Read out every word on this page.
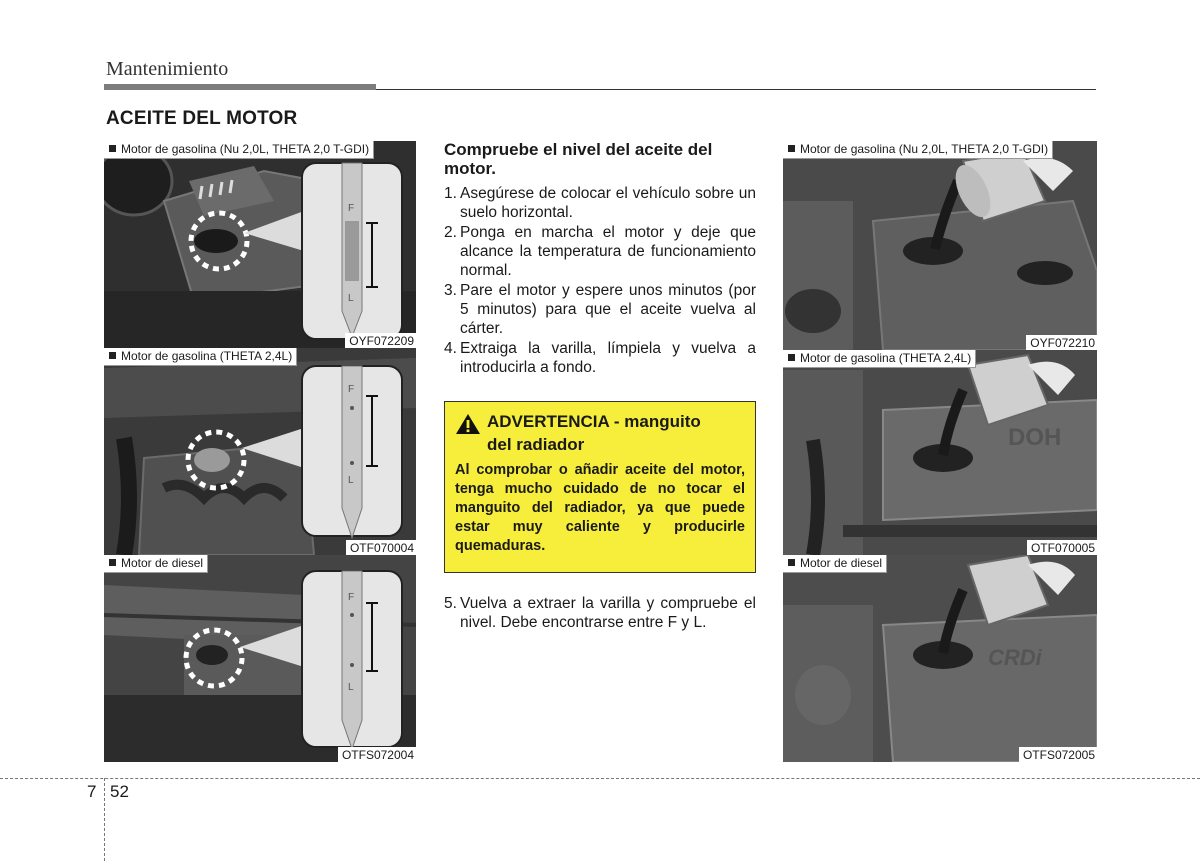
Mantenimiento
ACEITE DEL MOTOR
F
L
Motor de gasolina (Nu 2,0L, THETA 2,0 T-GDI)
OYF072209
F
L
Motor de gasolina (THETA 2,4L)
OTF070004
F
L
Motor de diesel
OTFS072004
Compruebe el nivel del aceite del motor.
1. Asegúrese de colocar el vehículo sobre un suelo horizontal.
2. Ponga en marcha el motor y deje que alcance la temperatura de funcionamiento normal.
3. Pare el motor y espere unos minutos (por 5 minutos) para que el aceite vuelva al cárter.
4. Extraiga la varilla, límpiela y vuelva a introducirla a fondo.
ADVERTENCIA - manguito
del radiador
Al comprobar o añadir aceite del motor, tenga mucho cuidado de no tocar el manguito del radiador, ya que puede estar muy caliente y producirle quemaduras.
5. Vuelva a extraer la varilla y compruebe el nivel. Debe encontrarse entre F y L.
Motor de gasolina (Nu 2,0L, THETA 2,0 T-GDI)
OYF072210
DOH
Motor de gasolina (THETA 2,4L)
OTF070005
CRDi
Motor de diesel
OTFS072005
7 52
